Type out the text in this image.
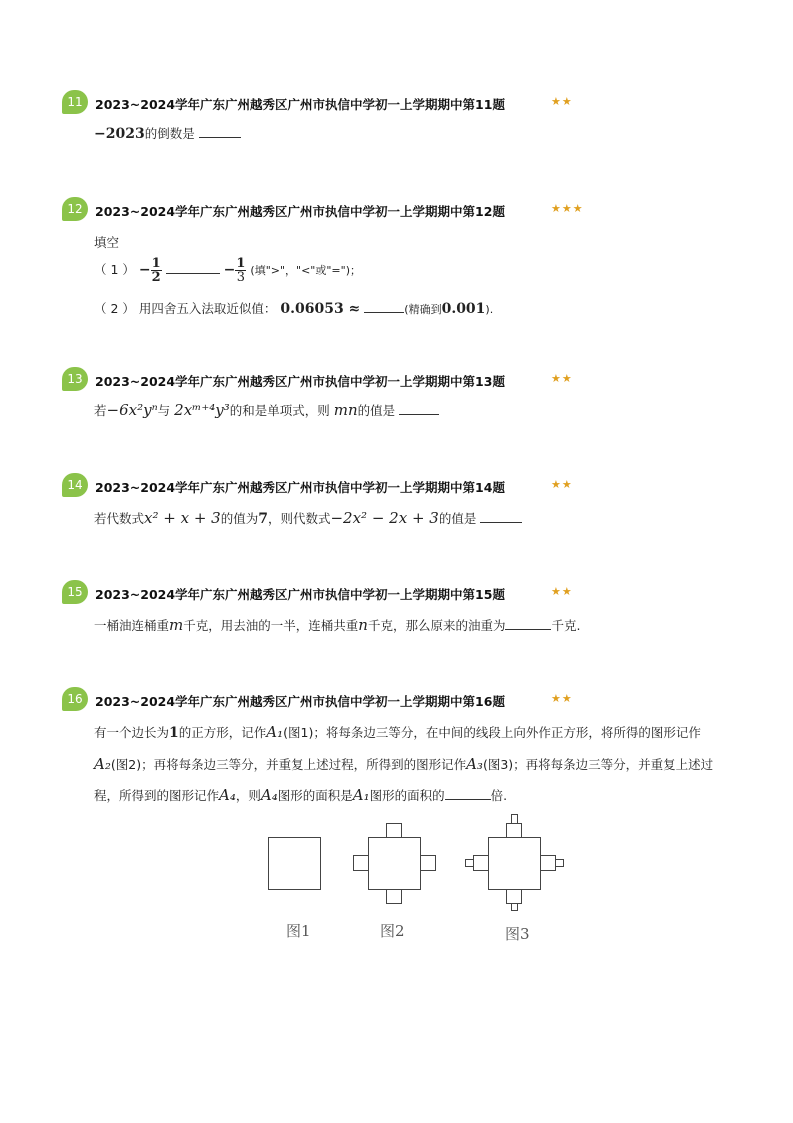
11 2023~2024学年广东广州越秀区广州市执信中学初一上学期期中第11题	★★
−2023的倒数是
12 2023~2024学年广东广州越秀区广州市执信中学初一上学期期中第12题	★★★
填空
（ 1 ） − $\frac{1}{2}$	− $\frac{1}{3}$ (填">"，"<"或"=")；
（ 2 ） 用四舍五入法取近似值： 0.06053 ≈	(精确到0.001).
13 2023~2024学年广东广州越秀区广州市执信中学初一上学期期中第13题	★★
若−6x²yⁿ与 2xᵐ⁺⁴y³的和是单项式，则 mn的值是
14 2023~2024学年广东广州越秀区广州市执信中学初一上学期期中第14题	★★
若代数式x² + x + 3的值为7，则代数式−2x² − 2x + 3的值是
15 2023~2024学年广东广州越秀区广州市执信中学初一上学期期中第15题	★★
一桶油连桶重m千克，用去油的一半，连桶共重n千克，那么原来的油重为	千克.
16 2023~2024学年广东广州越秀区广州市执信中学初一上学期期中第16题	★★
有一个边长为1的正方形，记作A₁(图1)；将每条边三等分，在中间的线段上向外作正方形，将所得的图形记作A₂(图2)；再将每条边三等分，并重复上述过程，所得到的图形记作A₃(图3)；再将每条边三等分，并重复上述过程，所得到的图形记作A₄，则A₄图形的面积是A₁图形的面积的	倍.
图1	图2	图3
